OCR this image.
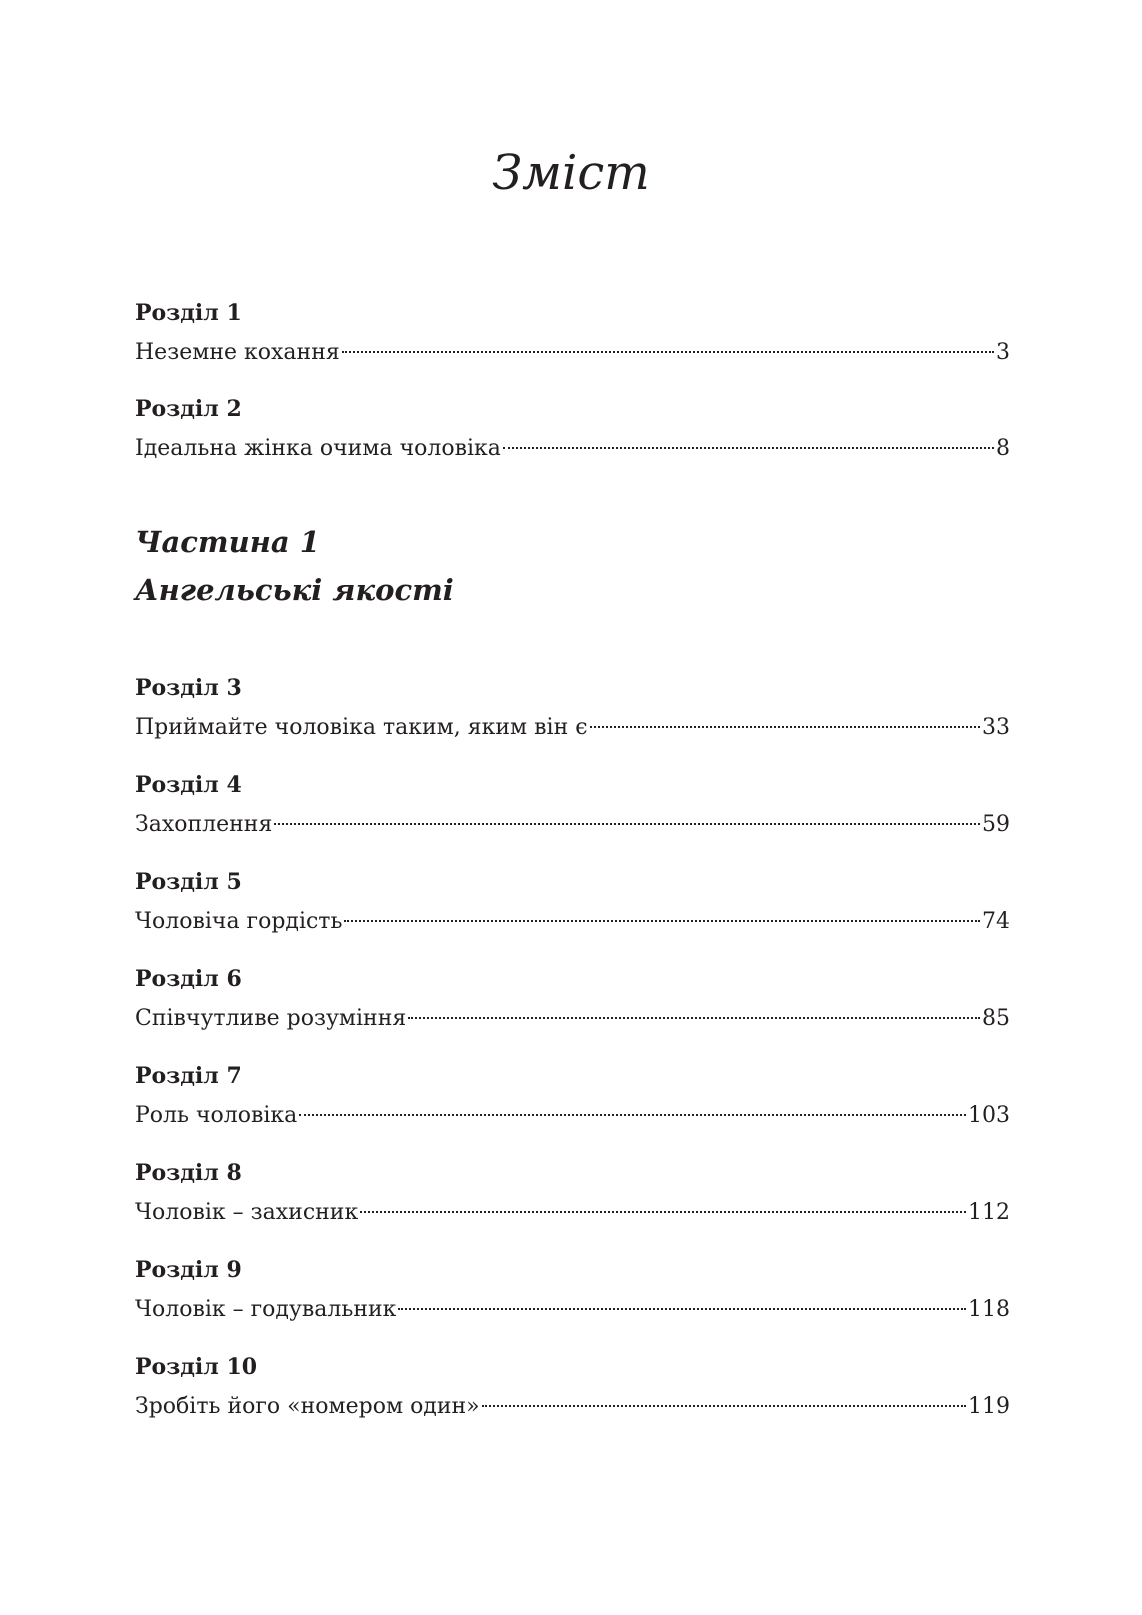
Зміст
Розділ 1
Неземне кохання	3
Розділ 2
Ідеальна жінка очима чоловіка	8
Частина 1
Ангельські якості
Розділ 3
Приймайте чоловіка таким, яким він є	33
Розділ 4
Захоплення	59
Розділ 5
Чоловіча гордість	74
Розділ 6
Співчутливе розуміння	85
Розділ 7
Роль чоловіка	103
Розділ 8
Чоловік – захисник	112
Розділ 9
Чоловік – годувальник	118
Розділ 10
Зробіть його «номером один»	119
